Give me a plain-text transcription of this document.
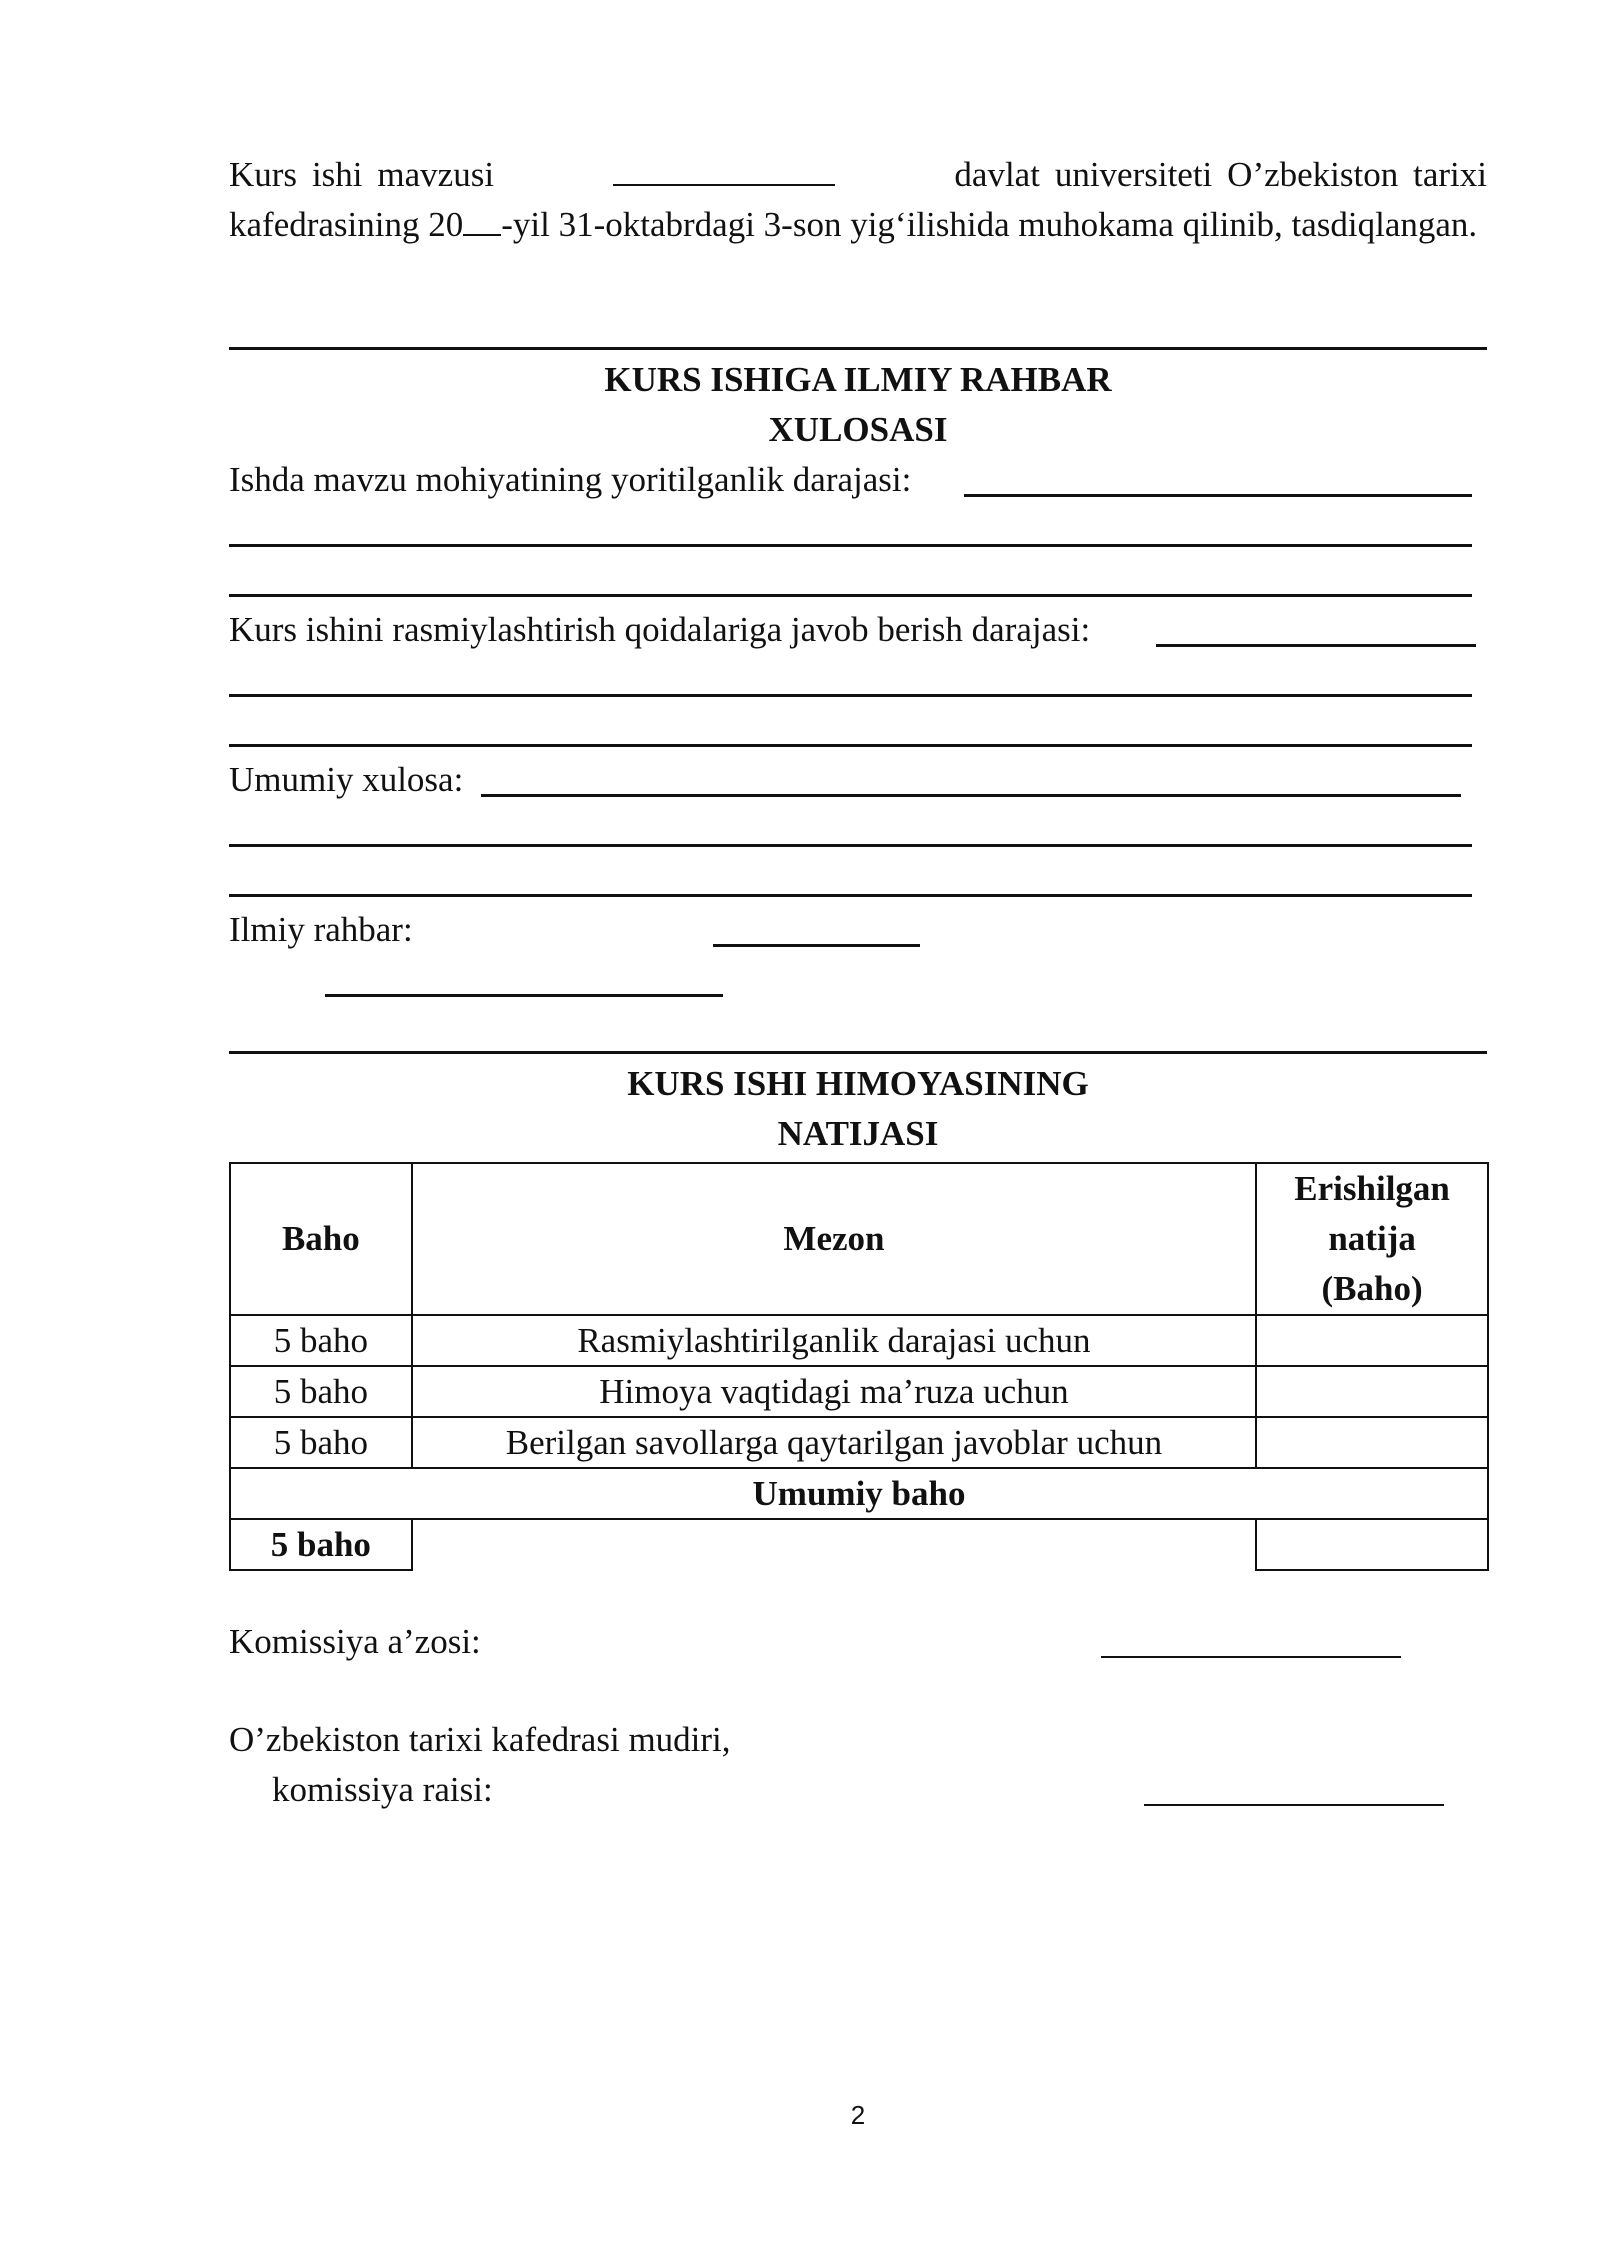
Kurs ishi mavzusi	davlat universiteti O’zbekiston tarixi kafedrasining 20 -yil 31-oktabrdagi 3-son yig‘ilishida muhokama qilinib, tasdiqlangan.
KURS ISHIGA ILMIY RAHBAR
XULOSASI
Ishda mavzu mohiyatining yoritilganlik darajasi:
Kurs ishini rasmiylashtirish qoidalariga javob berish darajasi:
Umumiy xulosa:
Ilmiy rahbar:
KURS ISHI HIMOYASINING
NATIJASI
Baho	Mezon	Erishilgan
natija
(Baho)

5 baho	Rasmiylashtirilganlik darajasi uchun	
5 baho	Himoya vaqtidagi ma’ruza uchun	
5 baho	Berilgan savollarga qaytarilgan javoblar uchun	
Umumiy baho		
5 baho		
Komissiya a’zosi:
O’zbekiston tarixi kafedrasi mudiri,
komissiya raisi:
2
